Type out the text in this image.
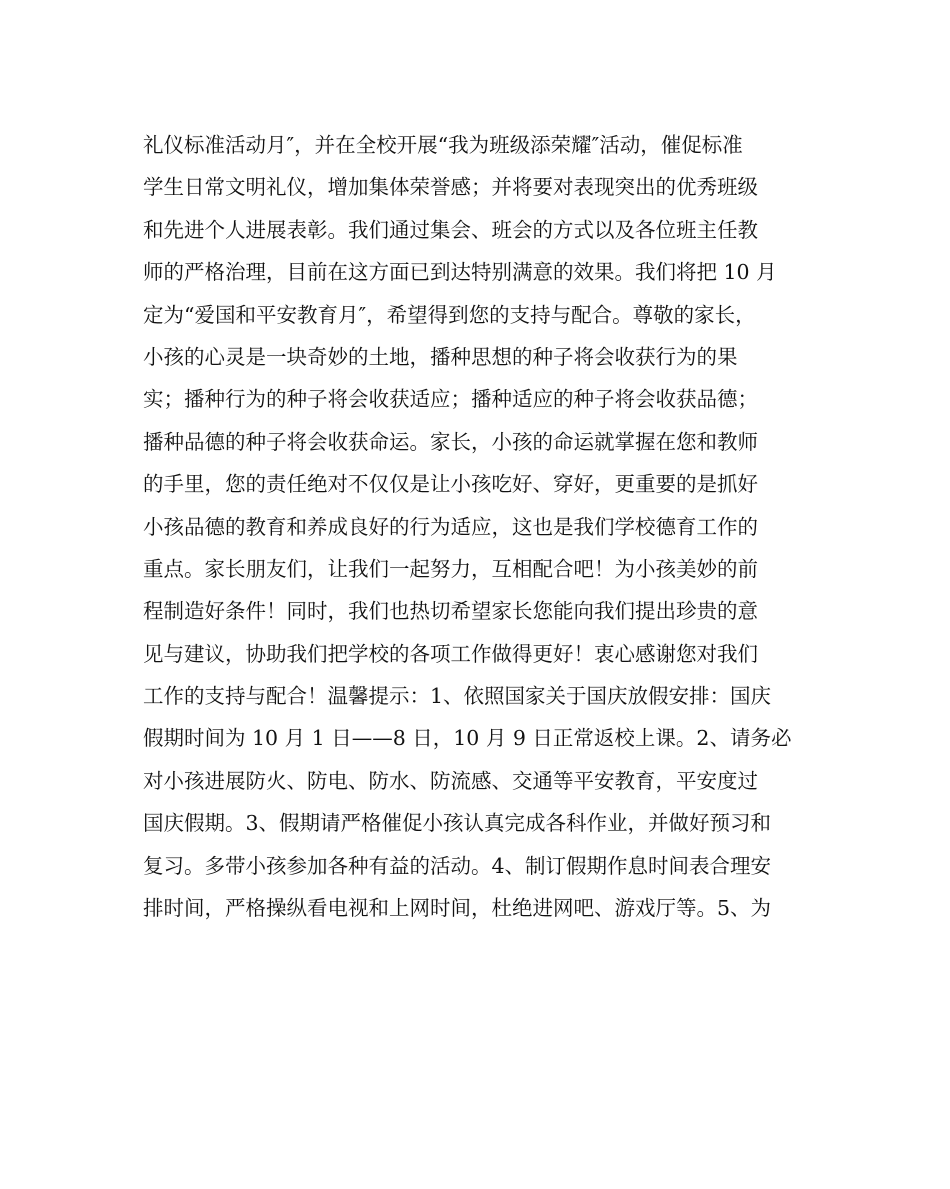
礼仪标准活动月″，并在全校开展“我为班级添荣耀″活动，催促标准
学生日常文明礼仪，增加集体荣誉感；并将要对表现突出的优秀班级
和先进个人进展表彰。我们通过集会、班会的方式以及各位班主任教
师的严格治理，目前在这方面已到达特别满意的效果。我们将把 10 月
定为“爱国和平安教育月″，希望得到您的支持与配合。尊敬的家长，
小孩的心灵是一块奇妙的土地，播种思想的种子将会收获行为的果
实；播种行为的种子将会收获适应；播种适应的种子将会收获品德；
播种品德的种子将会收获命运。家长，小孩的命运就掌握在您和教师
的手里，您的责任绝对不仅仅是让小孩吃好、穿好，更重要的是抓好
小孩品德的教育和养成良好的行为适应，这也是我们学校德育工作的
重点。家长朋友们，让我们一起努力，互相配合吧！为小孩美妙的前
程制造好条件！同时，我们也热切希望家长您能向我们提出珍贵的意
见与建议，协助我们把学校的各项工作做得更好！衷心感谢您对我们
工作的支持与配合！温馨提示：1、依照国家关于国庆放假安排：国庆
假期时间为 10 月 1 日——8 日，10 月 9 日正常返校上课。2、请务必
对小孩进展防火、防电、防水、防流感、交通等平安教育，平安度过
国庆假期。3、假期请严格催促小孩认真完成各科作业，并做好预习和
复习。多带小孩参加各种有益的活动。4、制订假期作息时间表合理安
排时间，严格操纵看电视和上网时间，杜绝进网吧、游戏厅等。5、为
